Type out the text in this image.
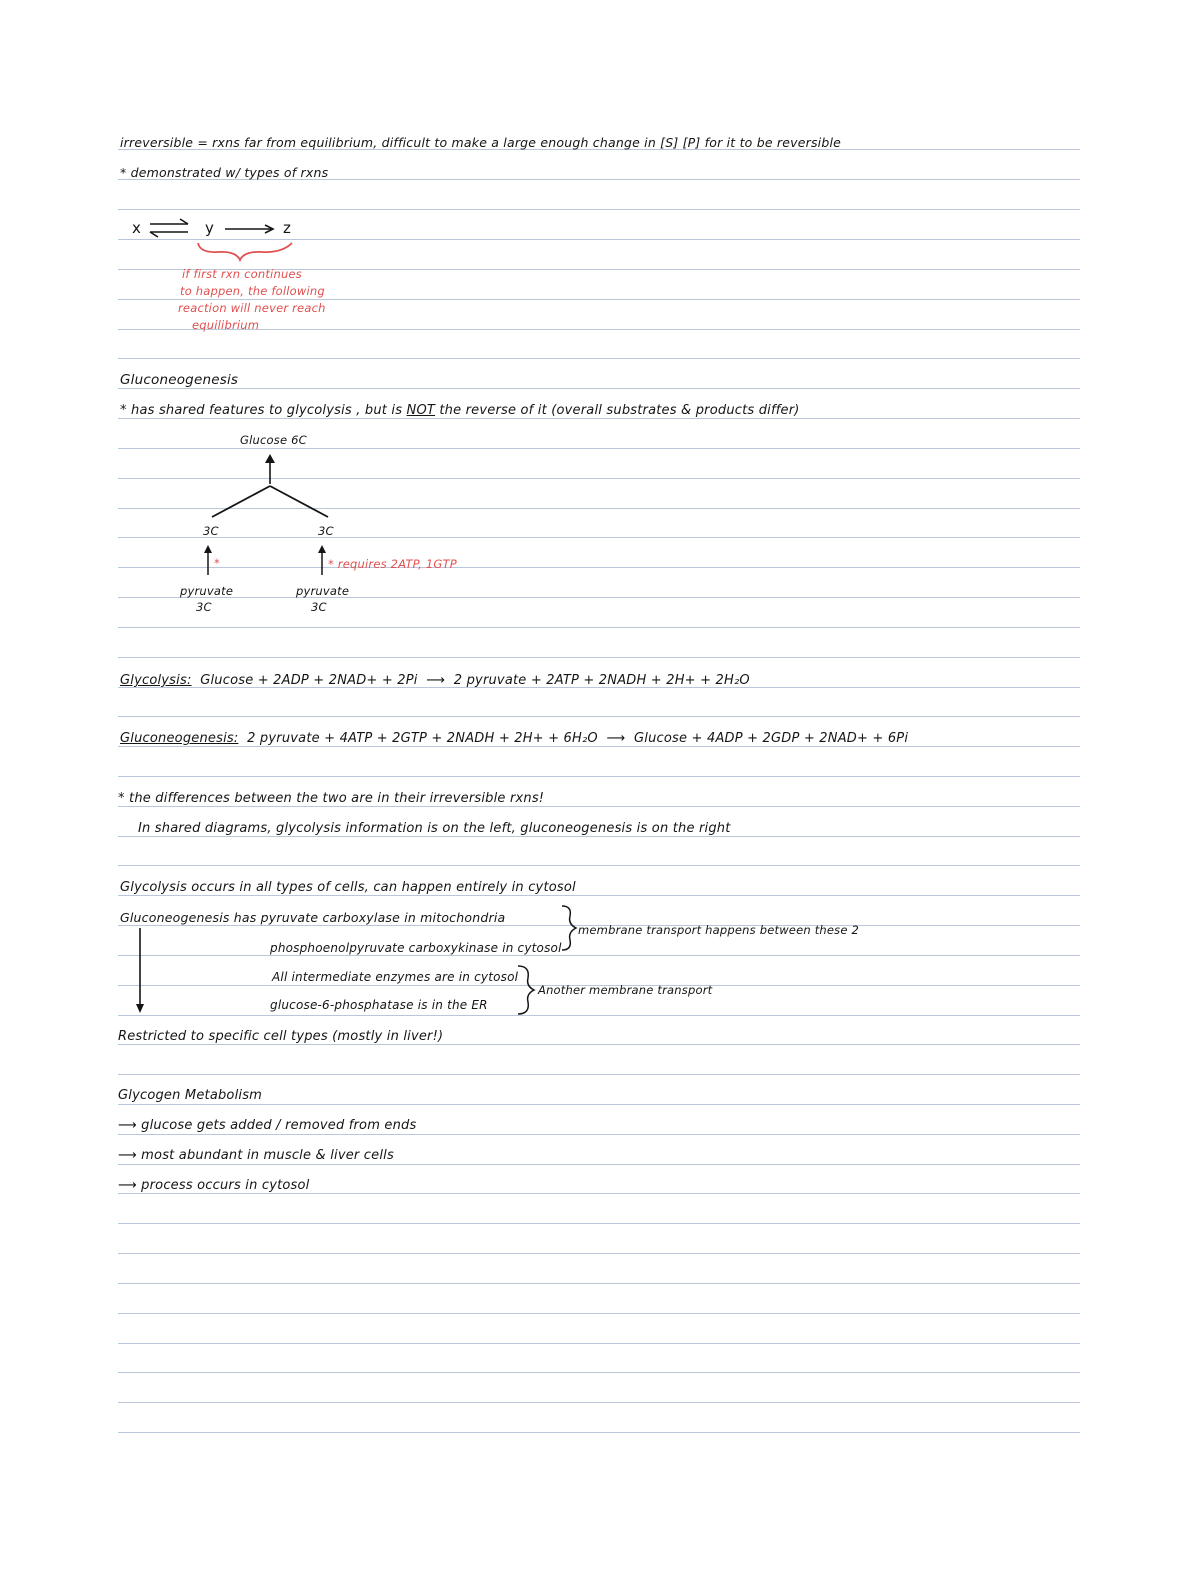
irreversible = rxns far from equilibrium, difficult to make a large enough change in [S] [P] for it to be reversible
* demonstrated w/ types of rxns
x	y	z
if first rxn continues
to happen, the following
reaction will never reach
equilibrium
Gluconeogenesis
* has shared features to glycolysis , but is NOT the reverse of it (overall substrates & products differ)
Glucose 6C
3C	3C
*	* requires 2ATP, 1GTP
pyruvate
3C
pyruvate
3C
Glycolysis: Glucose + 2ADP + 2NAD+ + 2Pi ⟶ 2 pyruvate + 2ATP + 2NADH + 2H+ + 2H₂O
Gluconeogenesis: 2 pyruvate + 4ATP + 2GTP + 2NADH + 2H+ + 6H₂O ⟶ Glucose + 4ADP + 2GDP + 2NAD+ + 6Pi
* the differences between the two are in their irreversible rxns!
In shared diagrams, glycolysis information is on the left, gluconeogenesis is on the right
Glycolysis occurs in all types of cells, can happen entirely in cytosol
Gluconeogenesis has pyruvate carboxylase in mitochondria
phosphoenolpyruvate carboxykinase in cytosol
All intermediate enzymes are in cytosol
glucose-6-phosphatase is in the ER
membrane transport happens between these 2
Another membrane transport
Restricted to specific cell types (mostly in liver!)
Glycogen Metabolism
⟶ glucose gets added / removed from ends
⟶ most abundant in muscle & liver cells
⟶ process occurs in cytosol
